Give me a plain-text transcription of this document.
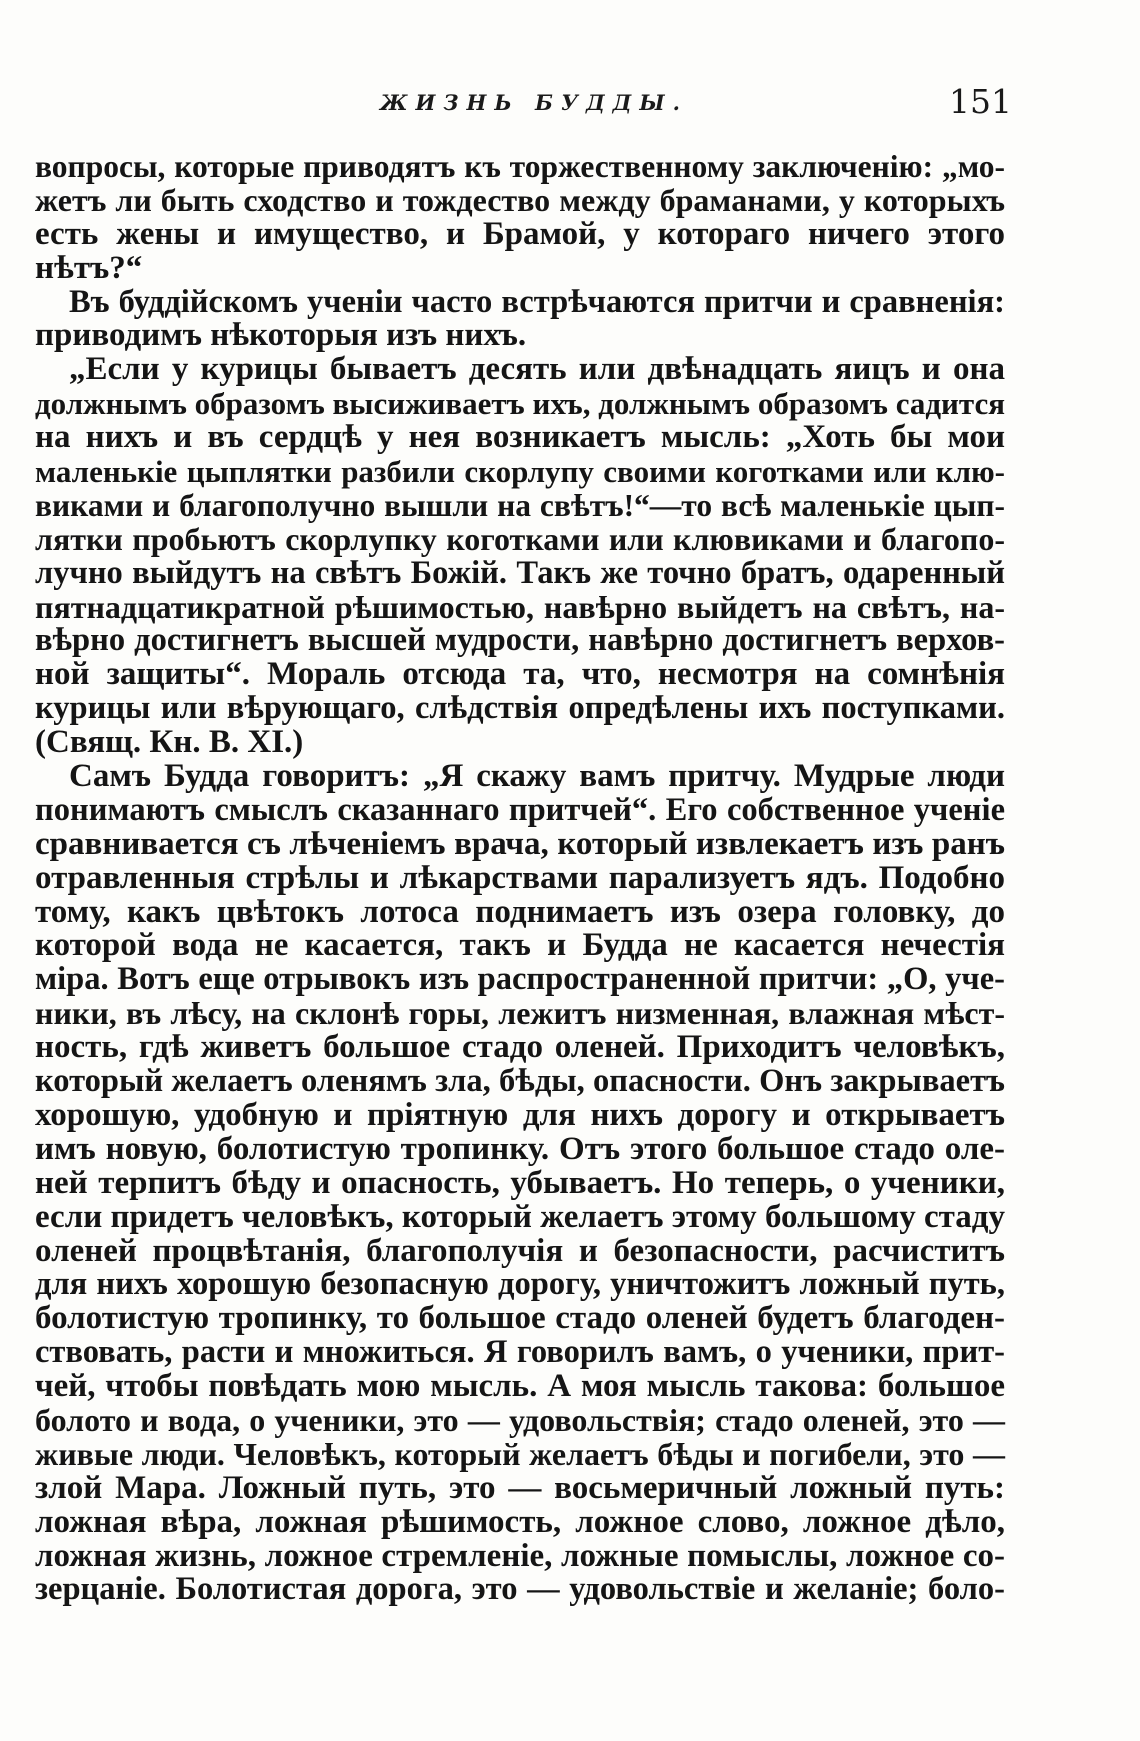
ЖИЗНЬ БУДДЫ.	151
вопросы, которые приводятъ къ торжественному заключенію: „мо-
жетъ ли быть сходство и тождество между брамaнами, у которыхъ
есть жены и имущество, и Брамой, у котораго ничего этого
нѣтъ?“
Въ буддійскомъ ученіи часто встрѣчаются притчи и сравненія:
приводимъ нѣкоторыя изъ нихъ.
„Если у курицы бываетъ десять или двѣнадцать яицъ и она
должнымъ образомъ высиживаетъ ихъ, должнымъ образомъ садится
на нихъ и въ сердцѣ у нея возникаетъ мысль: „Хоть бы мои
маленькіе цыплятки разбили скорлупу своими коготками или клю-
виками и благополучно вышли на свѣтъ!“—то всѣ маленькіе цып-
лятки пробьютъ скорлупку коготками или клювиками и благопо-
лучно выйдутъ на свѣтъ Божій. Такъ же точно братъ, одаренный
пятнадцатикратной рѣшимостью, навѣрно выйдетъ на свѣтъ, на-
вѣрно достигнетъ высшей мудрости, навѣрно достигнетъ верхов-
ной защиты“. Мораль отсюда та, что, несмотря на сомнѣнія
курицы или вѣрующаго, слѣдствія опредѣлены ихъ поступками.
(Свящ. Кн. В. XI.)
Самъ Будда говоритъ: „Я скажу вамъ притчу. Мудрые люди
понимаютъ смыслъ сказаннаго притчей“. Его собственное ученіе
сравнивается съ лѣченіемъ врача, который извлекаетъ изъ ранъ
отравленныя стрѣлы и лѣкарствами парализуетъ ядъ. Подобно
тому, какъ цвѣтокъ лотоса поднимаетъ изъ озера головку, до
которой вода не касается, такъ и Будда не касается нечестія
міра. Вотъ еще отрывокъ изъ распространенной притчи: „О, уче-
ники, въ лѣсу, на склонѣ горы, лежитъ низменная, влажная мѣст-
ность, гдѣ живетъ большое стадо оленей. Приходитъ человѣкъ,
который желаетъ оленямъ зла, бѣды, опасности. Онъ закрываетъ
хорошую, удобную и пріятную для нихъ дорогу и открываетъ
имъ новую, болотистую тропинку. Отъ этого большое стадо оле-
ней терпитъ бѣду и опасность, убываетъ. Но теперь, о ученики,
если придетъ человѣкъ, который желаетъ этому большому стаду
оленей процвѣтанія, благополучія и безопасности, расчиститъ
для нихъ хорошую безопасную дорогу, уничтожитъ ложный путь,
болотистую тропинку, то большое стадо оленей будетъ благоден-
ствовать, расти и множиться. Я говорилъ вамъ, о ученики, прит-
чей, чтобы повѣдать мою мысль. А моя мысль такова: большое
болото и вода, о ученики, это — удовольствія; стадо оленей, это —
живые люди. Человѣкъ, который желаетъ бѣды и погибели, это —
злой Мара. Ложный путь, это — восьмеричный ложный путь:
ложная вѣра, ложная рѣшимость, ложное слово, ложное дѣло,
ложная жизнь, ложное стремленіе, ложные помыслы, ложное со-
зерцаніе. Болотистая дорога, это — удовольствіе и желаніе; боло-
